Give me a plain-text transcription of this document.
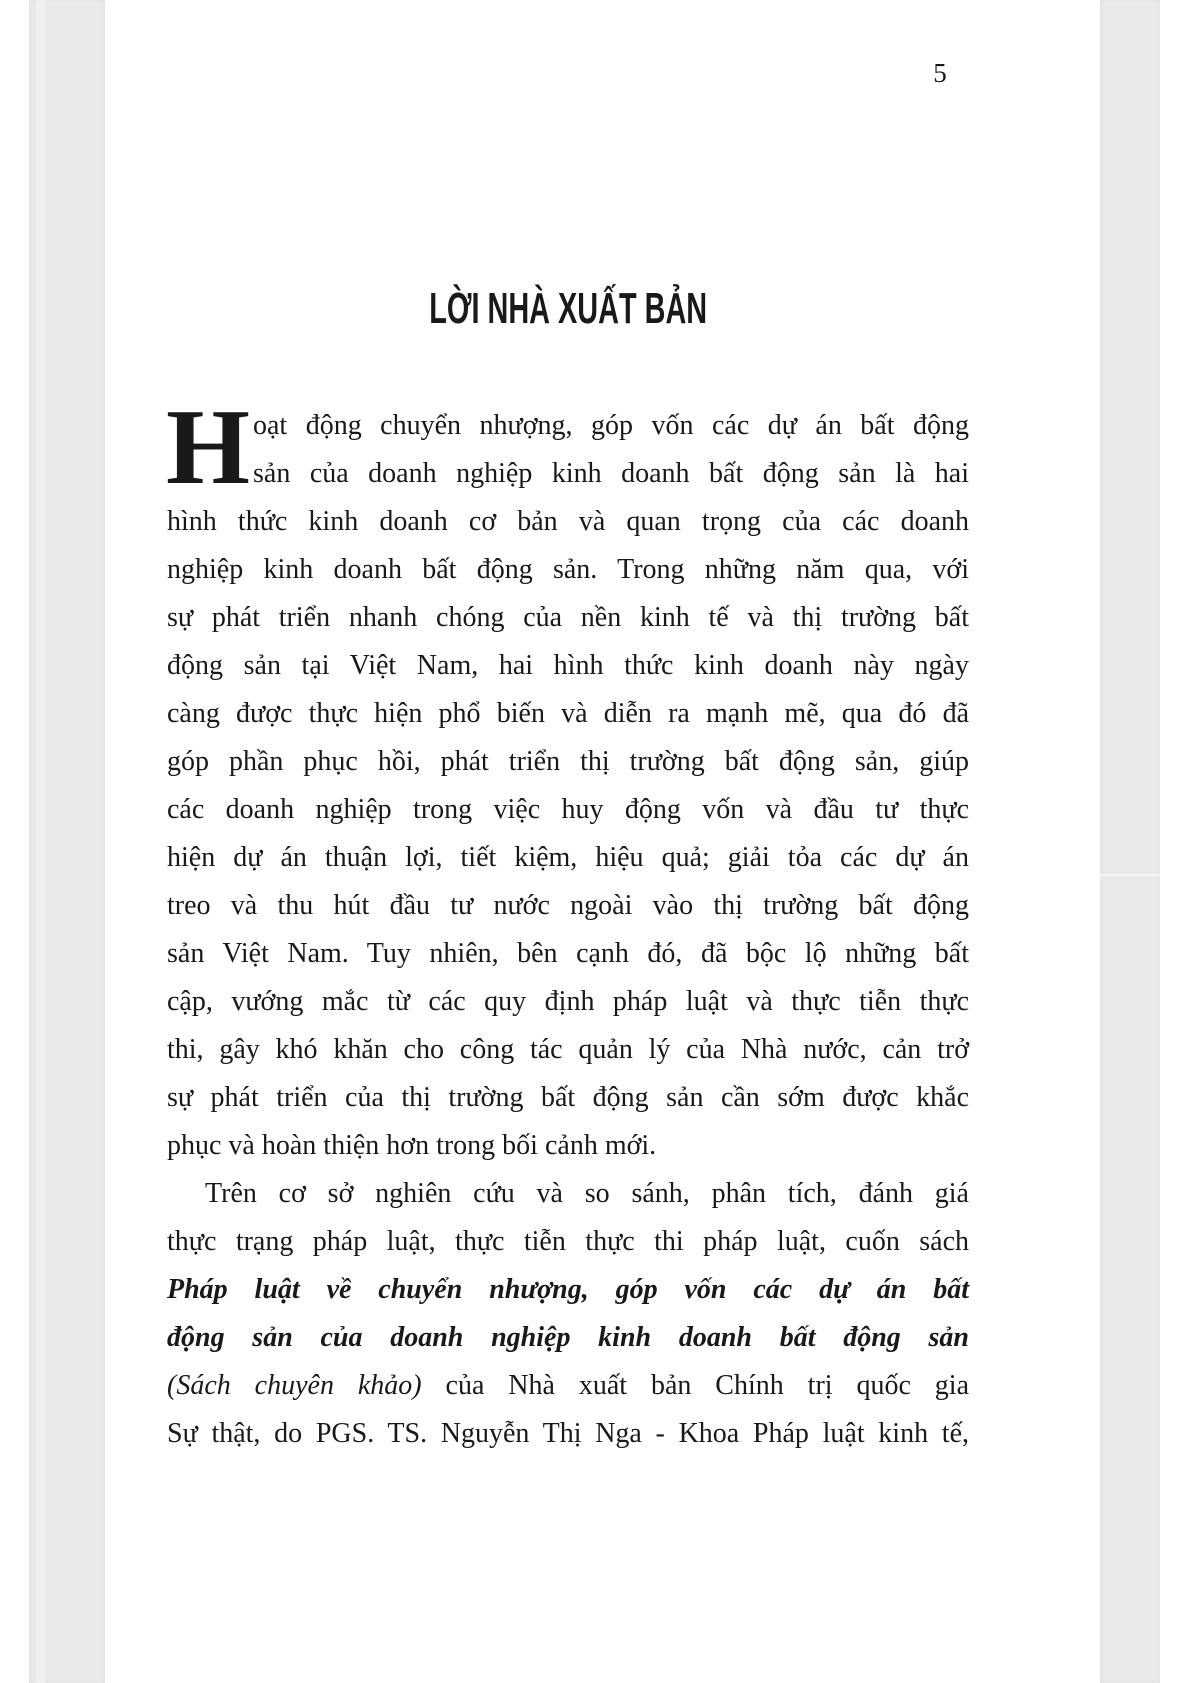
5
LỜI NHÀ XUẤT BẢN
H oạt động chuyển nhượng, góp vốn các dự án bất động
sản của doanh nghiệp kinh doanh bất động sản là hai
hình thức kinh doanh cơ bản và quan trọng của các doanh
nghiệp kinh doanh bất động sản. Trong những năm qua, với
sự phát triển nhanh chóng của nền kinh tế và thị trường bất
động sản tại Việt Nam, hai hình thức kinh doanh này ngày
càng được thực hiện phổ biến và diễn ra mạnh mẽ, qua đó đã
góp phần phục hồi, phát triển thị trường bất động sản, giúp
các doanh nghiệp trong việc huy động vốn và đầu tư thực
hiện dự án thuận lợi, tiết kiệm, hiệu quả; giải tỏa các dự án
treo và thu hút đầu tư nước ngoài vào thị trường bất động
sản Việt Nam. Tuy nhiên, bên cạnh đó, đã bộc lộ những bất
cập, vướng mắc từ các quy định pháp luật và thực tiễn thực
thi, gây khó khăn cho công tác quản lý của Nhà nước, cản trở
sự phát triển của thị trường bất động sản cần sớm được khắc
phục và hoàn thiện hơn trong bối cảnh mới.
Trên cơ sở nghiên cứu và so sánh, phân tích, đánh giá
thực trạng pháp luật, thực tiễn thực thi pháp luật, cuốn sách
Pháp luật về chuyển nhượng, góp vốn các dự án bất
động sản của doanh nghiệp kinh doanh bất động sản
(Sách chuyên khảo) của Nhà xuất bản Chính trị quốc gia
Sự thật, do PGS. TS. Nguyễn Thị Nga - Khoa Pháp luật kinh tế,
